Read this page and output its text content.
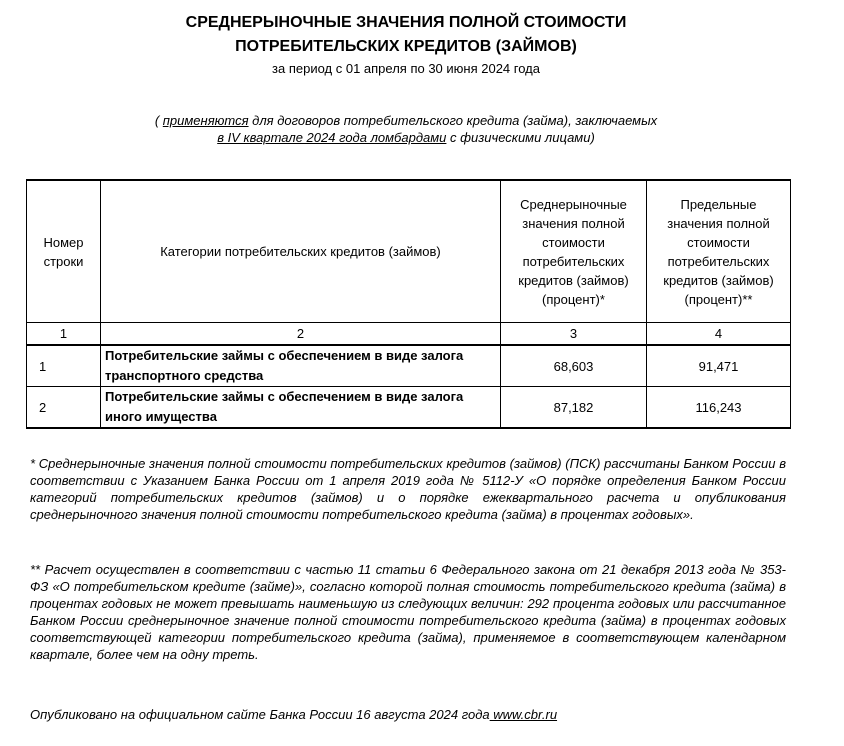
СРЕДНЕРЫНОЧНЫЕ ЗНАЧЕНИЯ ПОЛНОЙ СТОИМОСТИ
ПОТРЕБИТЕЛЬСКИХ КРЕДИТОВ (ЗАЙМОВ)
за период с 01 апреля по 30 июня 2024 года
( применяются для договоров потребительского кредита (займа), заключаемых
в IV квартале 2024 года ломбардами с физическими лицами)
Номер строки	Категории потребительских кредитов (займов)	Среднерыночные значения полной стоимости потребительских кредитов (займов) (процент)*	Предельные значения полной стоимости потребительских кредитов (займов) (процент)**
1	2	3	4
1	Потребительские займы с обеспечением в виде залога транспортного средства	68,603	91,471
2	Потребительские займы с обеспечением в виде залога иного имущества	87,182	116,243
* Среднерыночные значения полной стоимости потребительских кредитов (займов) (ПСК) рассчитаны Банком России в соответствии с Указанием Банка России от 1 апреля 2019 года № 5112-У «О порядке определения Банком России категорий потребительских кредитов (займов) и о порядке ежеквартального расчета и опубликования среднерыночного значения полной стоимости потребительского кредита (займа) в процентах годовых».
** Расчет осуществлен в соответствии с частью 11 статьи 6 Федерального закона от 21 декабря 2013 года № 353-ФЗ «О потребительском кредите (займе)», согласно которой полная стоимость потребительского кредита (займа) в процентах годовых не может превышать наименьшую из следующих величин: 292 процента годовых или рассчитанное Банком России среднерыночное значение полной стоимости потребительского кредита (займа) в процентах годовых соответствующей категории потребительского кредита (займа), применяемое в соответствующем календарном квартале, более чем на одну треть.
Опубликовано на официальном сайте Банка России 16 августа 2024 года www.cbr.ru
